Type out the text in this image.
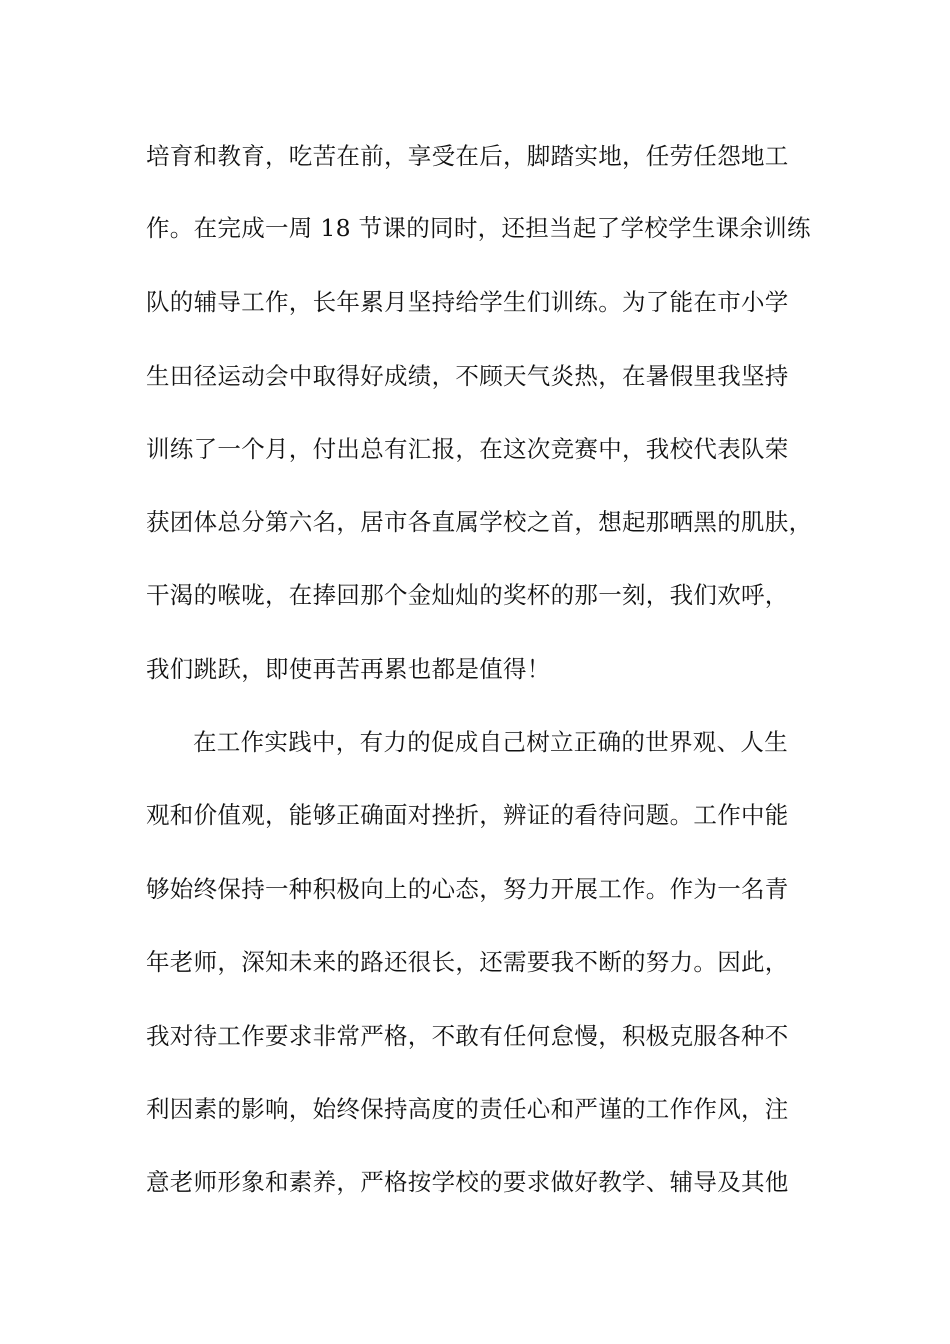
培育和教育，吃苦在前，享受在后，脚踏实地，任劳任怨地工
作。在完成一周 18 节课的同时，还担当起了学校学生课余训练
队的辅导工作，长年累月坚持给学生们训练。为了能在市小学
生田径运动会中取得好成绩，不顾天气炎热，在暑假里我坚持
训练了一个月，付出总有汇报，在这次竞赛中，我校代表队荣
获团体总分第六名，居市各直属学校之首，想起那晒黑的肌肤，
干渴的喉咙，在捧回那个金灿灿的奖杯的那一刻，我们欢呼，
我们跳跃，即使再苦再累也都是值得！
在工作实践中，有力的促成自己树立正确的世界观、人生
观和价值观，能够正确面对挫折，辨证的看待问题。工作中能
够始终保持一种积极向上的心态，努力开展工作。作为一名青
年老师，深知未来的路还很长，还需要我不断的努力。因此，
我对待工作要求非常严格，不敢有任何怠慢，积极克服各种不
利因素的影响，始终保持高度的责任心和严谨的工作作风，注
意老师形象和素养，严格按学校的要求做好教学、辅导及其他
